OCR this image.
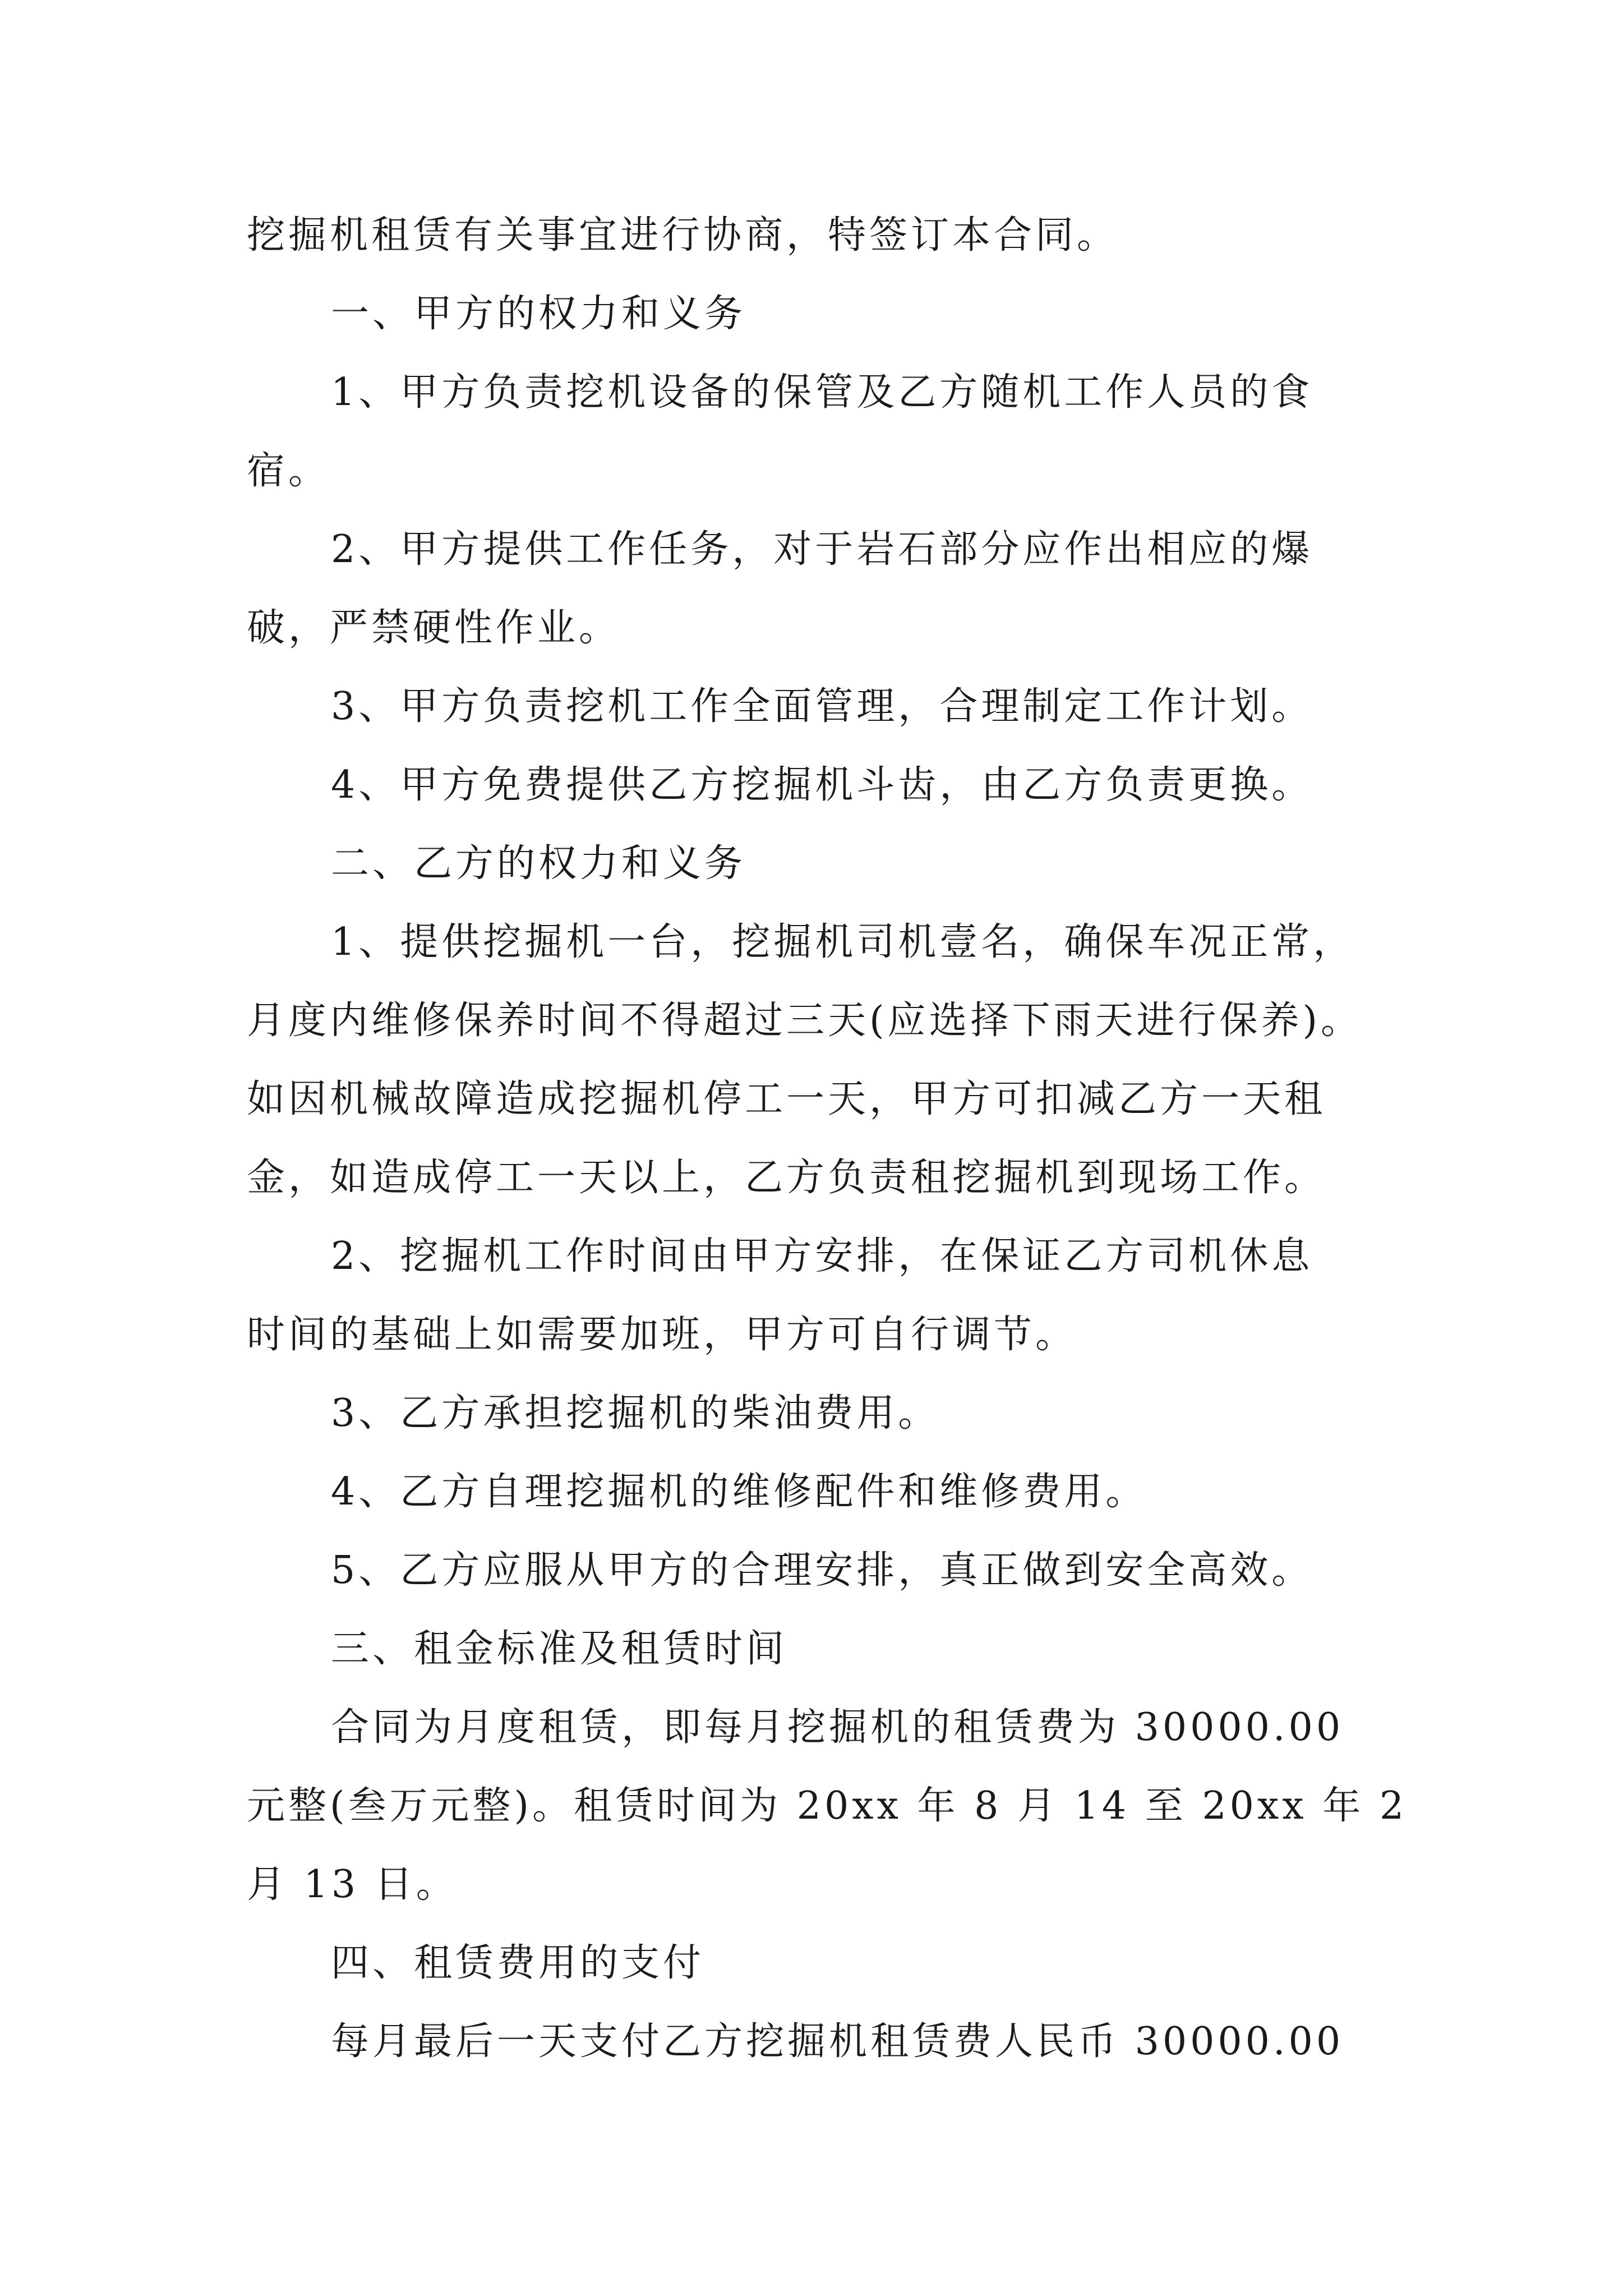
挖掘机租赁有关事宜进行协商，特签订本合同。
一、甲方的权力和义务
1、甲方负责挖机设备的保管及乙方随机工作人员的食
宿。
2、甲方提供工作任务，对于岩石部分应作出相应的爆
破，严禁硬性作业。
3、甲方负责挖机工作全面管理，合理制定工作计划。
4、甲方免费提供乙方挖掘机斗齿，由乙方负责更换。
二、乙方的权力和义务
1、提供挖掘机一台，挖掘机司机壹名，确保车况正常，
月度内维修保养时间不得超过三天(应选择下雨天进行保养)。
如因机械故障造成挖掘机停工一天，甲方可扣减乙方一天租
金，如造成停工一天以上，乙方负责租挖掘机到现场工作。
2、挖掘机工作时间由甲方安排，在保证乙方司机休息
时间的基础上如需要加班，甲方可自行调节。
3、乙方承担挖掘机的柴油费用。
4、乙方自理挖掘机的维修配件和维修费用。
5、乙方应服从甲方的合理安排，真正做到安全高效。
三、租金标准及租赁时间
合同为月度租赁，即每月挖掘机的租赁费为 30000.00
元整(叁万元整)。租赁时间为 20xx 年 8 月 14 至 20xx 年 2
月 13 日。
四、租赁费用的支付
每月最后一天支付乙方挖掘机租赁费人民币 30000.00
